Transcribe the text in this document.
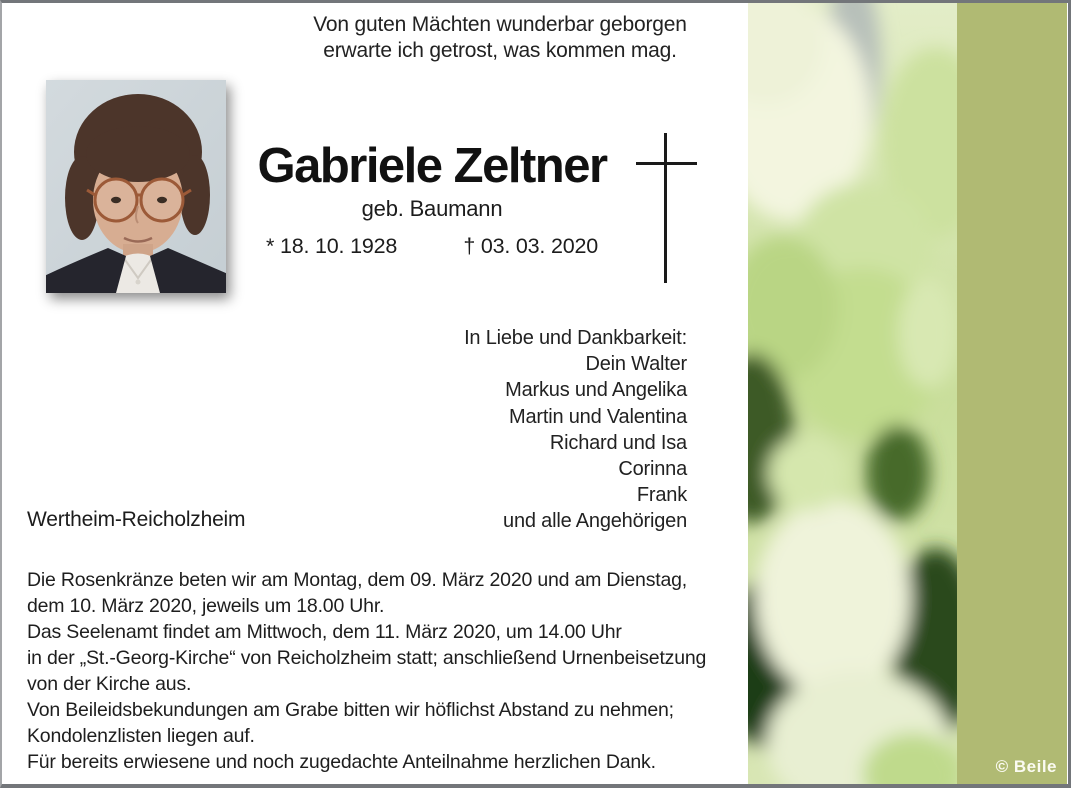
Von guten Mächten wunderbar geborgen
erwarte ich getrost, was kommen mag.
Gabriele Zeltner
geb. Baumann
* 18. 10. 1928	† 03. 03. 2020
In Liebe und Dankbarkeit:
Dein Walter
Markus und Angelika
Martin und Valentina
Richard und Isa
Corinna
Frank
und alle Angehörigen
Wertheim-Reicholzheim
Die Rosenkränze beten wir am Montag, dem 09. März 2020 und am Dienstag,
dem 10. März 2020, jeweils um 18.00 Uhr.
Das Seelenamt findet am Mittwoch, dem 11. März 2020, um 14.00 Uhr
in der „St.-Georg-Kirche“ von Reicholzheim statt; anschließend Urnenbeisetzung
von der Kirche aus.
Von Beileidsbekundungen am Grabe bitten wir höflichst Abstand zu nehmen;
Kondolenzlisten liegen auf.
Für bereits erwiesene und noch zugedachte Anteilnahme herzlichen Dank.	© Beile
